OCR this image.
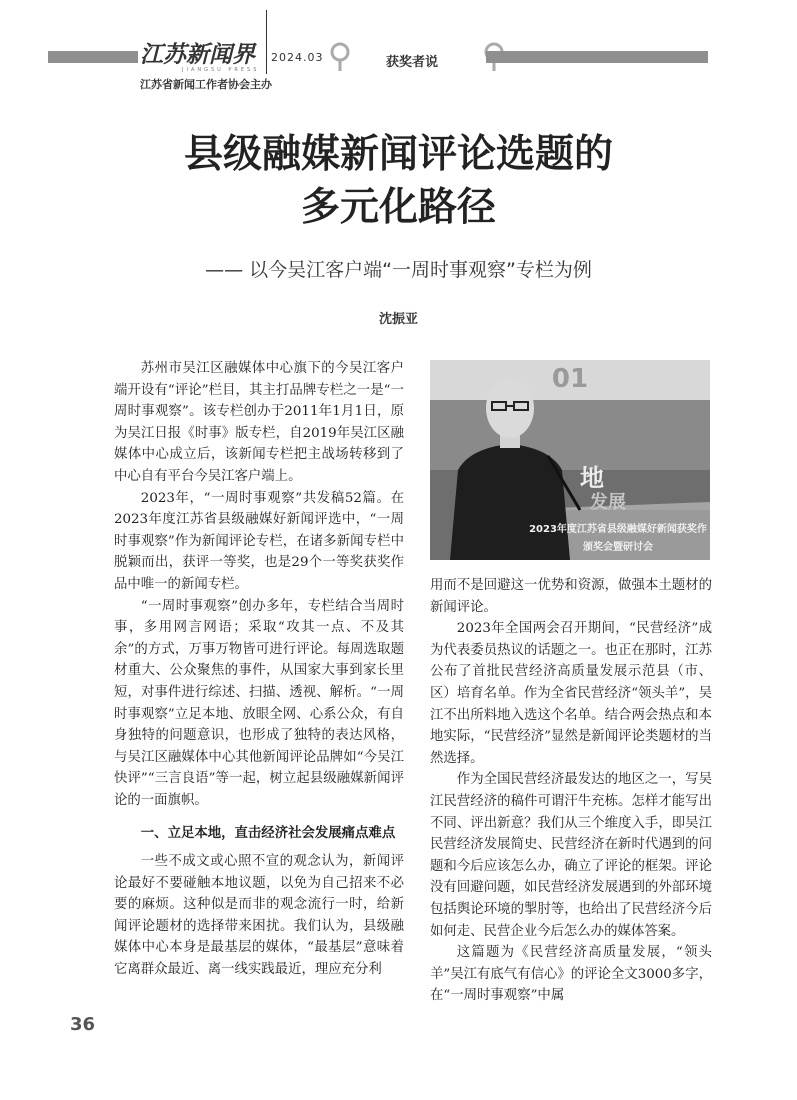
江苏新闻界
JIANGSU PRESS
2024.03
江苏省新闻工作者协会主办
获奖者说
县级融媒新闻评论选题的
多元化路径
—— 以今吴江客户端“一周时事观察”专栏为例
沈振亚

苏州市吴江区融媒体中心旗下的今吴江客户端开设有“评论”栏目，其主打品牌专栏之一是“一周时事观察”。该专栏创办于2011年1月1日，原为吴江日报《时事》版专栏，自2019年吴江区融媒体中心成立后，该新闻专栏把主战场转移到了中心自有平台今吴江客户端上。

2023年，“一周时事观察”共发稿52篇。在2023年度江苏省县级融媒好新闻评选中，“一周时事观察”作为新闻评论专栏，在诸多新闻专栏中脱颖而出，获评一等奖，也是29个一等奖获奖作品中唯一的新闻专栏。

“一周时事观察”创办多年，专栏结合当周时事，多用网言网语；采取“攻其一点、不及其余”的方式，万事万物皆可进行评论。每周选取题材重大、公众聚焦的事件，从国家大事到家长里短，对事件进行综述、扫描、透视、解析。“一周时事观察”立足本地、放眼全网、心系公众，有自身独特的问题意识，也形成了独特的表达风格，与吴江区融媒体中心其他新闻评论品牌如“今吴江快评”“三言良语”等一起，树立起县级融媒新闻评论的一面旗帜。

一、立足本地，直击经济社会发展痛点难点

一些不成文或心照不宣的观念认为，新闻评论最好不要碰触本地议题，以免为自己招来不必要的麻烦。这种似是而非的观念流行一时，给新闻评论题材的选择带来困扰。我们认为，县级融媒体中心本身是最基层的媒体，“最基层”意味着它离群众最近、离一线实践最近，理应充分利

01
地
发展
2023年度江苏省县级融媒好新闻获奖作
颁奖会暨研讨会

用而不是回避这一优势和资源，做强本土题材的新闻评论。

2023年全国两会召开期间，“民营经济”成为代表委员热议的话题之一。也正在那时，江苏公布了首批民营经济高质量发展示范县（市、区）培育名单。作为全省民营经济“领头羊”，吴江不出所料地入选这个名单。结合两会热点和本地实际，“民营经济”显然是新闻评论类题材的当然选择。

作为全国民营经济最发达的地区之一，写吴江民营经济的稿件可谓汗牛充栋。怎样才能写出不同、评出新意？我们从三个维度入手，即吴江民营经济发展简史、民营经济在新时代遇到的问题和今后应该怎么办，确立了评论的框架。评论没有回避问题，如民营经济发展遇到的外部环境包括舆论环境的掣肘等，也给出了民营经济今后如何走、民营企业今后怎么办的媒体答案。

这篇题为《民营经济高质量发展，“领头羊”吴江有底气有信心》的评论全文3000多字，在“一周时事观察”中属

36
